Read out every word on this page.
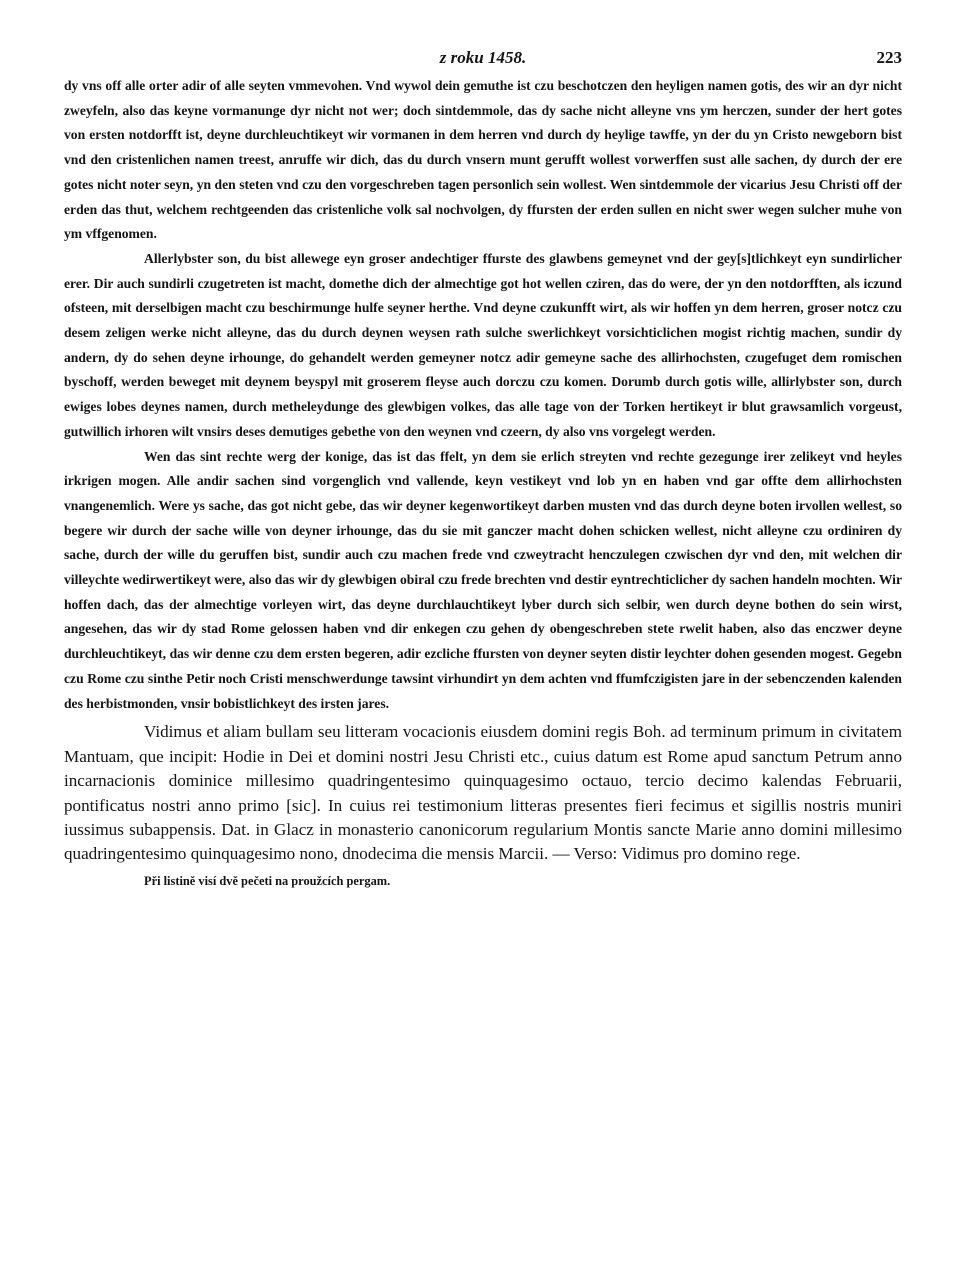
z roku 1458.	223

dy vns off alle orter adir of alle seyten vmmevohen. Vnd wywol dein gemuthe ist czu beschotczen den heyligen namen gotis, des wir an dyr nicht zweyfeln, also das keyne vormanunge dyr nicht not wer; doch sintdemmole, das dy sache nicht alleyne vns ym herczen, sunder der hert gotes von ersten notdorfft ist, deyne durchleuchtikeyt wir vormanen in dem herren vnd durch dy heylige tawffe, yn der du yn Cristo newgeborn bist vnd den cristenlichen namen treest, anruffe wir dich, das du durch vnsern munt gerufft wollest vorwerffen sust alle sachen, dy durch der ere gotes nicht noter seyn, yn den steten vnd czu den vorgeschreben tagen personlich sein wollest. Wen sintdemmole der vicarius Jesu Christi off der erden das thut, welchem rechtgeenden das cristenliche volk sal nochvolgen, dy ffursten der erden sullen en nicht swer wegen sulcher muhe von ym vffgenomen.

Allerlybster son, du bist allewege eyn groser andechtiger ffurste des glawbens gemeynet vnd der gey[s]tlichkeyt eyn sundirlicher erer. Dir auch sundirli czugetreten ist macht, domethe dich der almechtige got hot wellen cziren, das do were, der yn den notdorfften, als iczund ofsteen, mit derselbigen macht czu beschirmunge hulfe seyner herthe. Vnd deyne czukunfft wirt, als wir hoffen yn dem herren, groser notcz czu desem zeligen werke nicht alleyne, das du durch deynen weysen rath sulche swerlichkeyt vorsichticlichen mogist richtig machen, sundir dy andern, dy do sehen deyne irhounge, do gehandelt werden gemeyner notcz adir gemeyne sache des allirhochsten, czugefuget dem romischen byschoff, werden beweget mit deynem beyspyl mit groserem fleyse auch dorczu czu komen. Dorumb durch gotis wille, allirlybster son, durch ewiges lobes deynes namen, durch metheleydunge des glewbigen volkes, das alle tage von der Torken hertikeyt ir blut grawsamlich vorgeust, gutwillich irhoren wilt vnsirs deses demutiges gebethe von den weynen vnd czeern, dy also vns vorgelegt werden.

Wen das sint rechte werg der konige, das ist das ffelt, yn dem sie erlich streyten vnd rechte gezegunge irer zelikeyt vnd heyles irkrigen mogen. Alle andir sachen sind vorgenglich vnd vallende, keyn vestikeyt vnd lob yn en haben vnd gar offte dem allirhochsten vnangenemlich. Were ys sache, das got nicht gebe, das wir deyner kegenwortikeyt darben musten vnd das durch deyne boten irvollen wellest, so begere wir durch der sache wille von deyner irhounge, das du sie mit ganczer macht dohen schicken wellest, nicht alleyne czu ordiniren dy sache, durch der wille du geruffen bist, sundir auch czu machen frede vnd czweytracht henczulegen czwischen dyr vnd den, mit welchen dir villeychte wedirwertikeyt were, also das wir dy glewbigen obiral czu frede brechten vnd destir eyntrechticlicher dy sachen handeln mochten. Wir hoffen dach, das der almechtige vorleyen wirt, das deyne durchlauchtikeyt lyber durch sich selbir, wen durch deyne bothen do sein wirst, angesehen, das wir dy stad Rome gelossen haben vnd dir enkegen czu gehen dy obengeschreben stete rwelit haben, also das enczwer deyne durchleuchtikeyt, das wir denne czu dem ersten begeren, adir ezcliche ffursten von deyner seyten distir leychter dohen gesenden mogest. Gegebn czu Rome czu sinthe Petir noch Cristi menschwerdunge tawsint virhundirt yn dem achten vnd ffumfczigisten jare in der sebenczenden kalenden des herbistmonden, vnsir bobistlichkeyt des irsten jares.

Vidimus et aliam bullam seu litteram vocacionis eiusdem domini regis Boh. ad terminum primum in civitatem Mantuam, que incipit: Hodie in Dei et domini nostri Jesu Christi etc., cuius datum est Rome apud sanctum Petrum anno incarnacionis dominice millesimo quadringentesimo quinquagesimo octauo, tercio decimo kalendas Februarii, pontificatus nostri anno primo [sic]. In cuius rei testimonium litteras presentes fieri fecimus et sigillis nostris muniri iussimus subappensis. Dat. in Glacz in monasterio canonicorum regularium Montis sancte Marie anno domini millesimo quadringentesimo quinquagesimo nono, dnodecima die mensis Marcii. — Verso: Vidimus pro domino rege.

Při listině visí dvě pečeti na proužcích pergam.
